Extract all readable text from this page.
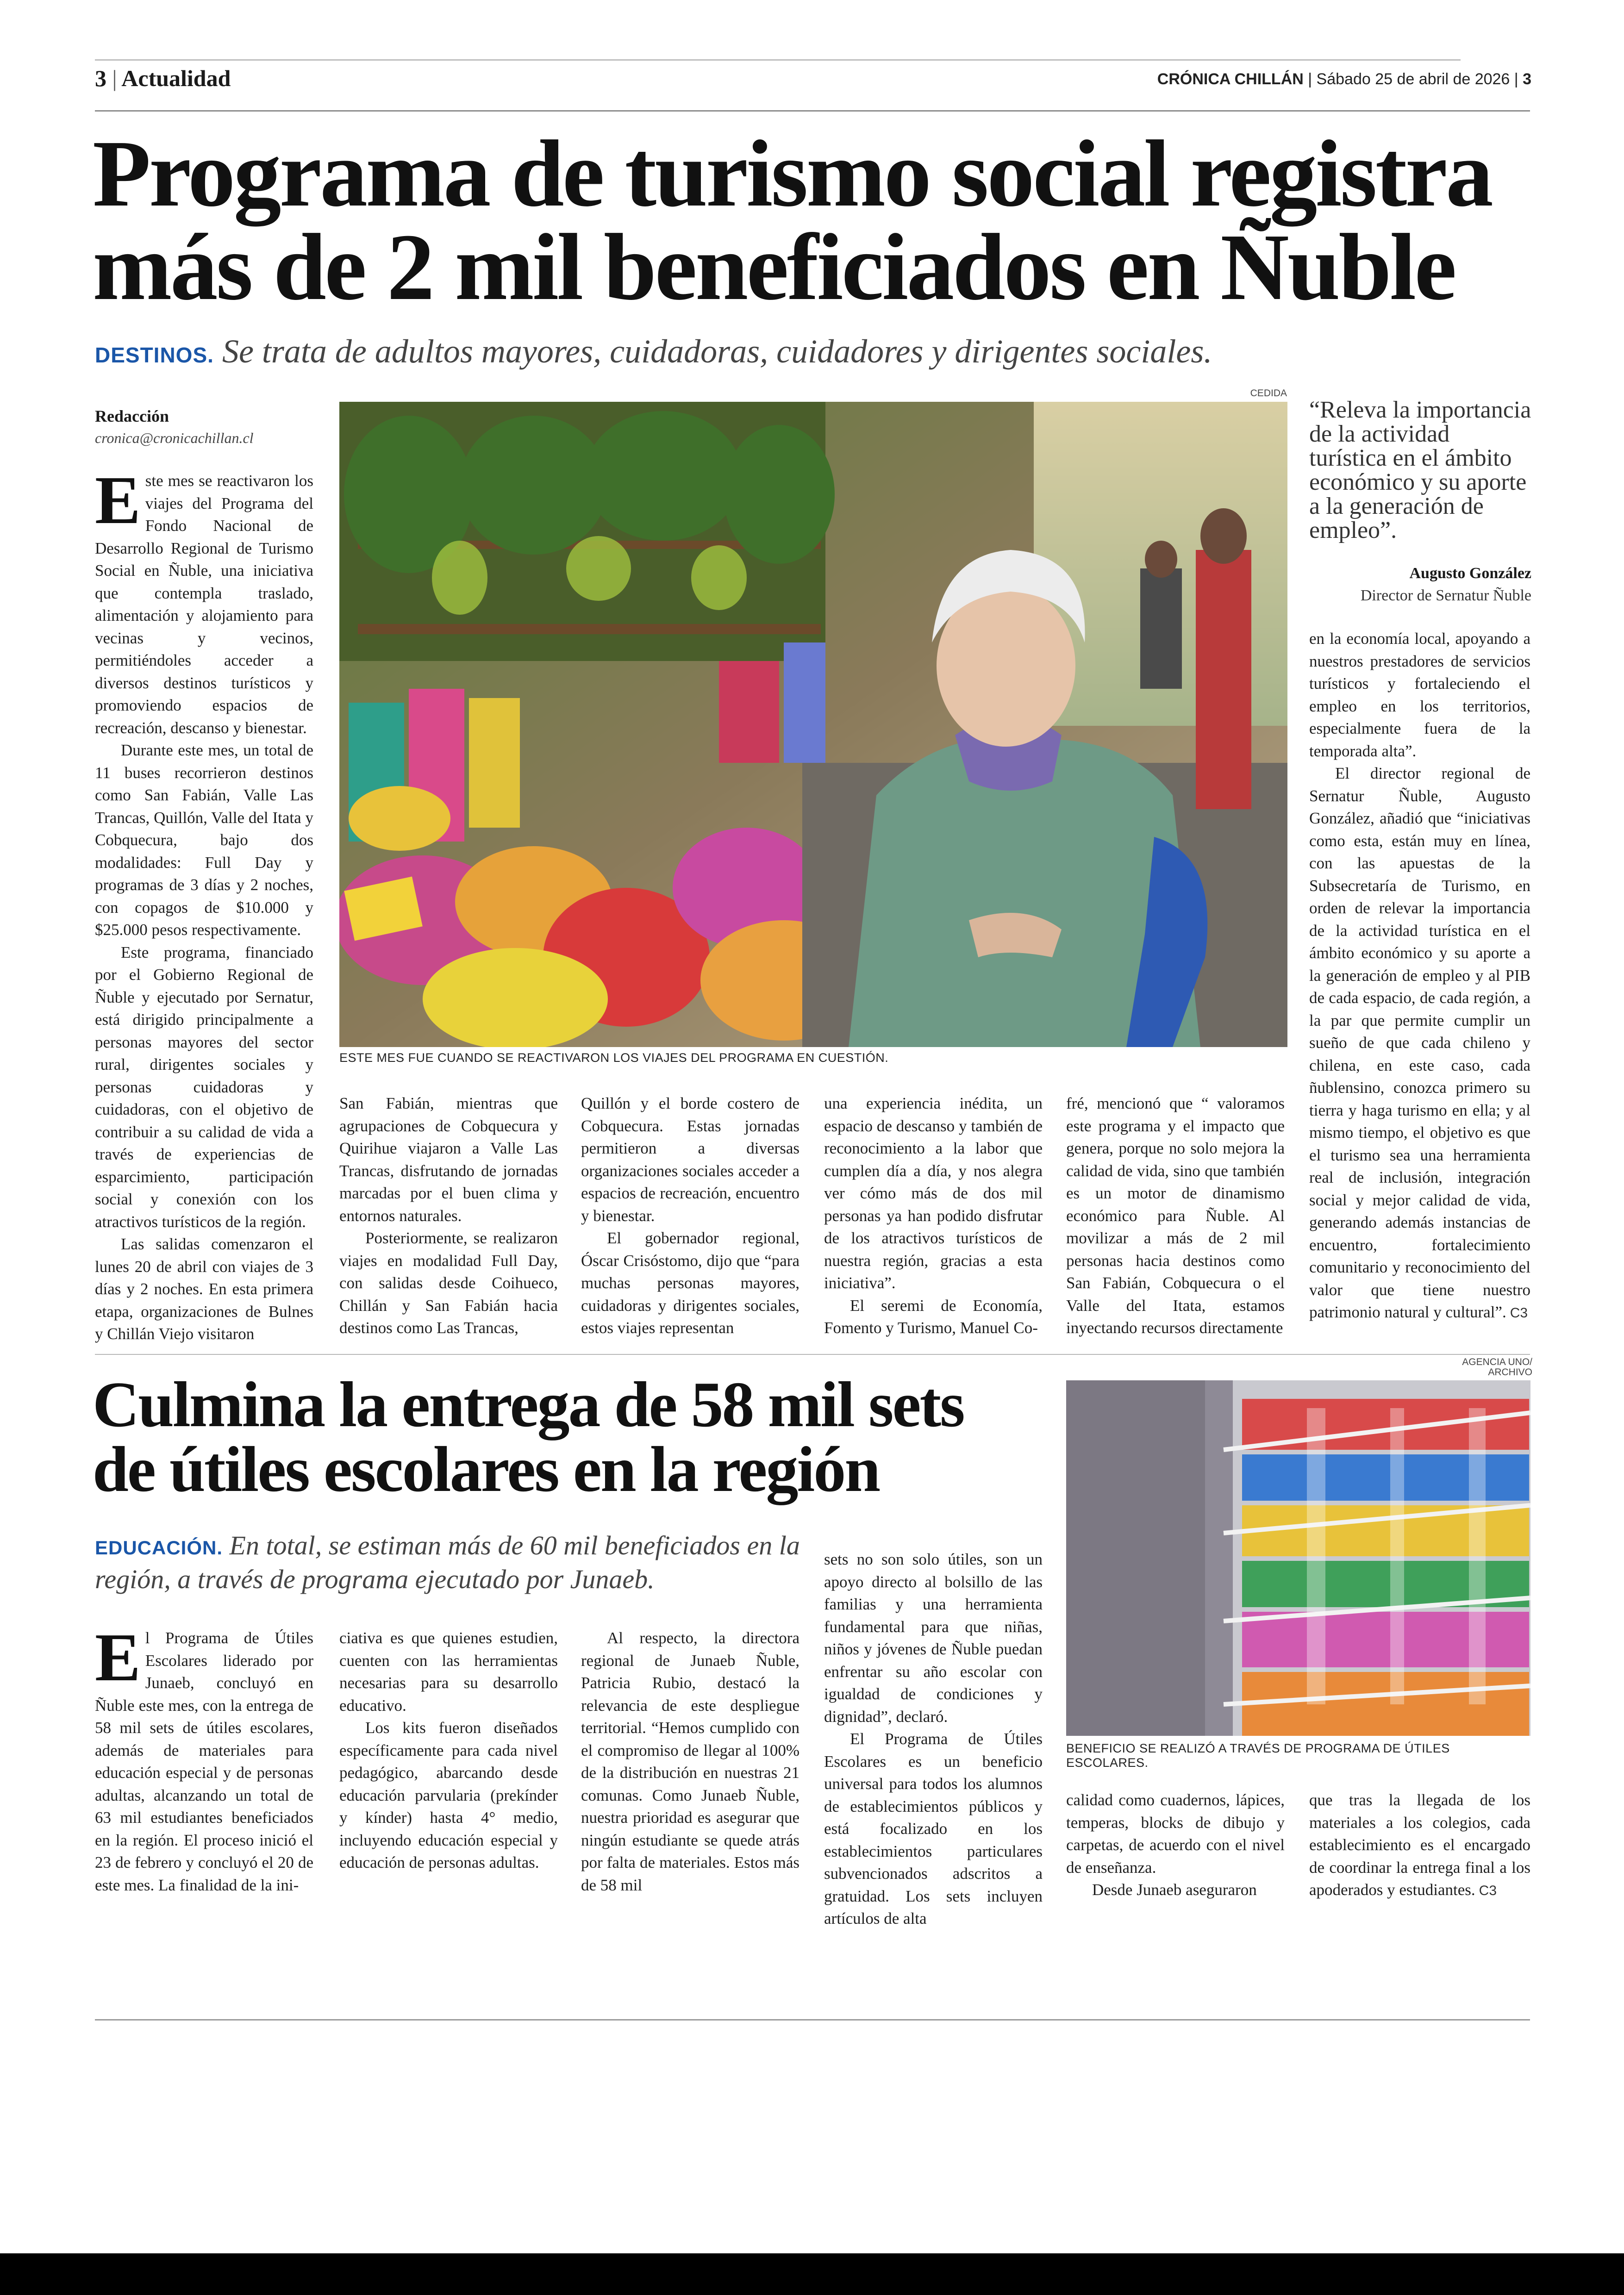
3 | Actualidad	CRÓNICA CHILLÁN | Sábado 25 de abril de 2026 | 3
Programa de turismo social registra
más de 2 mil beneficiados en Ñuble
DESTINOS. Se trata de adultos mayores, cuidadoras, cuidadores y dirigentes sociales.
Redacción
cronica@cronicachillan.cl

Este mes se reactivaron los viajes del Programa del Fondo Nacional de Desarrollo Regional de Turismo Social en Ñuble, una iniciativa que contempla traslado, alimentación y alojamiento para vecinas y vecinos, permitiéndoles acceder a diversos destinos turísticos y promoviendo espacios de recreación, descanso y bienestar.

Durante este mes, un total de 11 buses recorrieron destinos como San Fabián, Valle Las Trancas, Quillón, Valle del Itata y Cobquecura, bajo dos modalidades: Full Day y programas de 3 días y 2 noches, con copagos de $10.000 y $25.000 pesos respectivamente.

Este programa, financiado por el Gobierno Regional de Ñuble y ejecutado por Sernatur, está dirigido principalmente a personas mayores del sector rural, dirigentes sociales y personas cuidadoras y cuidadoras, con el objetivo de contribuir a su calidad de vida a través de experiencias de esparcimiento, participación social y conexión con los atractivos turísticos de la región.

Las salidas comenzaron el lunes 20 de abril con viajes de 3 días y 2 noches. En esta primera etapa, organizaciones de Bulnes y Chillán Viejo visitaron

CEDIDA
ESTE MES FUE CUANDO SE REACTIVARON LOS VIAJES DEL PROGRAMA EN CUESTIÓN.
“Releva la importancia de la actividad turística en el ámbito económico y su aporte a la generación de empleo”.
Augusto González
Director de Sernatur Ñuble

en la economía local, apoyando a nuestros prestadores de servicios turísticos y fortaleciendo el empleo en los territorios, especialmente fuera de la temporada alta”.

El director regional de Sernatur Ñuble, Augusto González, añadió que “iniciativas como esta, están muy en línea, con las apuestas de la Subsecretaría de Turismo, en orden de relevar la importancia de la actividad turística en el ámbito económico y su aporte a la generación de empleo y al PIB de cada espacio, de cada región, a la par que permite cumplir un sueño de que cada chileno y chilena, en este caso, cada ñublensino, conozca primero su tierra y haga turismo en ella; y al mismo tiempo, el objetivo es que el turismo sea una herramienta real de inclusión, integración social y mejor calidad de vida, generando además instancias de encuentro, fortalecimiento comunitario y reconocimiento del valor que tiene nuestro patrimonio natural y cultural”. C3

San Fabián, mientras que agrupaciones de Cobquecura y Quirihue viajaron a Valle Las Trancas, disfrutando de jornadas marcadas por el buen clima y entornos naturales.

Posteriormente, se realizaron viajes en modalidad Full Day, con salidas desde Coihueco, Chillán y San Fabián hacia destinos como Las Trancas,

Quillón y el borde costero de Cobquecura. Estas jornadas permitieron a diversas organizaciones sociales acceder a espacios de recreación, encuentro y bienestar.

El gobernador regional, Óscar Crisóstomo, dijo que “para muchas personas mayores, cuidadoras y dirigentes sociales, estos viajes representan

una experiencia inédita, un espacio de descanso y también de reconocimiento a la labor que cumplen día a día, y nos alegra ver cómo más de dos mil personas ya han podido disfrutar de los atractivos turísticos de nuestra región, gracias a esta iniciativa”.

El seremi de Economía, Fomento y Turismo, Manuel Co-

fré, mencionó que “ valoramos este programa y el impacto que genera, porque no solo mejora la calidad de vida, sino que también es un motor de dinamismo económico para Ñuble. Al movilizar a más de 2 mil personas hacia destinos como San Fabián, Cobquecura o el Valle del Itata, estamos inyectando recursos directamente

Culmina la entrega de 58 mil sets
de útiles escolares en la región
EDUCACIÓN. En total, se estiman más de 60 mil beneficiados en la región, a través de programa ejecutado por Junaeb.
AGENCIA UNO/
ARCHIVO
BENEFICIO SE REALIZÓ A TRAVÉS DE PROGRAMA DE ÚTILES ESCOLARES.

El Programa de Útiles Escolares liderado por Junaeb, concluyó en Ñuble este mes, con la entrega de 58 mil sets de útiles escolares, además de materiales para educación especial y de personas adultas, alcanzando un total de 63 mil estudiantes beneficiados en la región. El proceso inició el 23 de febrero y concluyó el 20 de este mes. La finalidad de la ini-

ciativa es que quienes estudien, cuenten con las herramientas necesarias para su desarrollo educativo.

Los kits fueron diseñados específicamente para cada nivel pedagógico, abarcando desde educación parvularia (prekínder y kínder) hasta 4° medio, incluyendo educación especial y educación de personas adultas.

Al respecto, la directora regional de Junaeb Ñuble, Patricia Rubio, destacó la relevancia de este despliegue territorial. “Hemos cumplido con el compromiso de llegar al 100% de la distribución en nuestras 21 comunas. Como Junaeb Ñuble, nuestra prioridad es asegurar que ningún estudiante se quede atrás por falta de materiales. Estos más de 58 mil

sets no son solo útiles, son un apoyo directo al bolsillo de las familias y una herramienta fundamental para que niñas, niños y jóvenes de Ñuble puedan enfrentar su año escolar con igualdad de condiciones y dignidad”, declaró.

El Programa de Útiles Escolares es un beneficio universal para todos los alumnos de establecimientos públicos y está focalizado en los establecimientos particulares subvencionados adscritos a gratuidad. Los sets incluyen artículos de alta

calidad como cuadernos, lápices, temperas, blocks de dibujo y carpetas, de acuerdo con el nivel de enseñanza.

Desde Junaeb aseguraron

que tras la llegada de los materiales a los colegios, cada establecimiento es el encargado de coordinar la entrega final a los apoderados y estudiantes. C3
